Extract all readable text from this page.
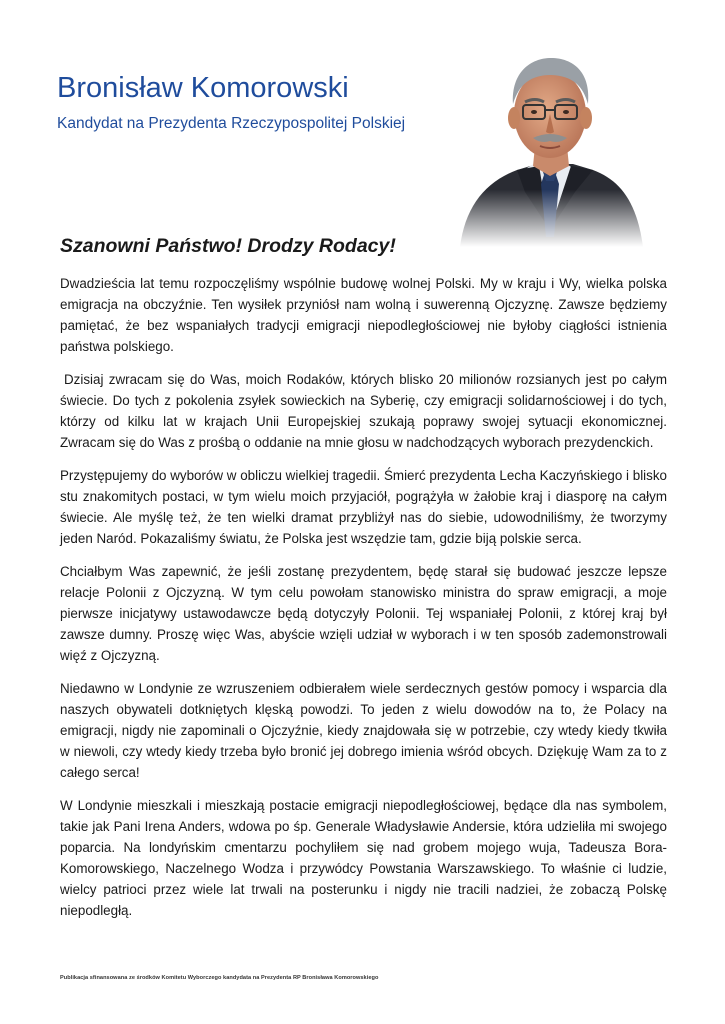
Bronisław Komorowski
Kandydat na Prezydenta Rzeczypospolitej Polskiej
Szanowni Państwo! Drodzy Rodacy!

Dwadzieścia lat temu rozpoczęliśmy wspólnie budowę wolnej Polski. My w kraju i Wy, wielka polska emigracja na obczyźnie. Ten wysiłek przyniósł nam wolną i suwerenną Ojczyznę. Zawsze będziemy pamiętać, że bez wspaniałych tradycji emigracji niepodległościowej nie byłoby ciągłości istnienia państwa polskiego.

Dzisiaj zwracam się do Was, moich Rodaków, których blisko 20 milionów rozsianych jest po całym świecie. Do tych z pokolenia zsyłek sowieckich na Syberię, czy emigracji solidarnościowej i do tych, którzy od kilku lat w krajach Unii Europejskiej szukają poprawy swojej sytuacji ekonomicznej. Zwracam się do Was z prośbą o oddanie na mnie głosu w nadchodzących wyborach prezydenckich.

Przystępujemy do wyborów w obliczu wielkiej tragedii. Śmierć prezydenta Lecha Kaczyńskiego i blisko stu znakomitych postaci, w tym wielu moich przyjaciół, pogrążyła w żałobie kraj i diasporę na całym świecie. Ale myślę też, że ten wielki dramat przybliżył nas do siebie, udowodniliśmy, że tworzymy jeden Naród. Pokazaliśmy światu, że Polska jest wszędzie tam, gdzie biją polskie serca.

Chciałbym Was zapewnić, że jeśli zostanę prezydentem, będę starał się budować jeszcze lepsze relacje Polonii z Ojczyzną. W tym celu powołam stanowisko ministra do spraw emigracji, a moje pierwsze inicjatywy ustawodawcze będą dotyczyły Polonii. Tej wspaniałej Polonii, z której kraj był zawsze dumny. Proszę więc Was, abyście wzięli udział w wyborach i w ten sposób zademonstrowali więź z Ojczyzną.

Niedawno w Londynie ze wzruszeniem odbierałem wiele serdecznych gestów pomocy i wsparcia dla naszych obywateli dotkniętych klęską powodzi. To jeden z wielu dowodów na to, że Polacy na emigracji, nigdy nie zapominali o Ojczyźnie, kiedy znajdowała się w potrzebie, czy wtedy kiedy tkwiła w niewoli, czy wtedy kiedy trzeba było bronić jej dobrego imienia wśród obcych. Dziękuję Wam za to z całego serca!

W Londynie mieszkali i mieszkają postacie emigracji niepodległościowej, będące dla nas symbolem, takie jak Pani Irena Anders, wdowa po śp. Generale Władysławie Andersie, która udzieliła mi swojego poparcia. Na londyńskim cmentarzu pochyliłem się nad grobem mojego wuja, Tadeusza Bora-Komorowskiego, Naczelnego Wodza i przywódcy Powstania Warszawskiego. To właśnie ci ludzie, wielcy patrioci przez wiele lat trwali na posterunku i nigdy nie tracili nadziei, że zobaczą Polskę niepodległą.

Publikacja sfinansowana ze środków Komitetu Wyborczego kandydata na Prezydenta RP Bronisława Komorowskiego
